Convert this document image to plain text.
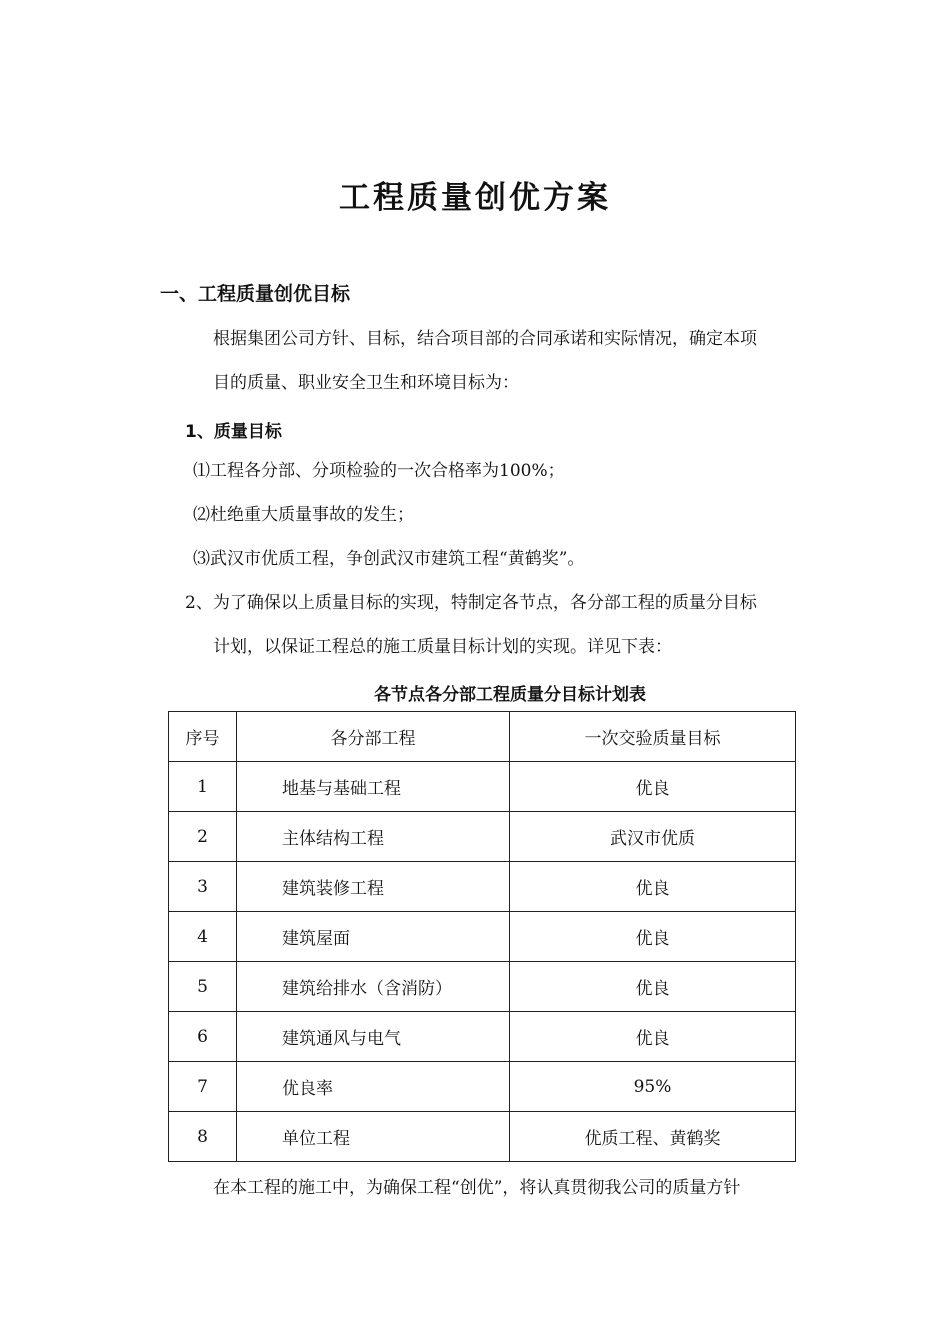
工程质量创优方案
一、工程质量创优目标
根据集团公司方针、目标，结合项目部的合同承诺和实际情况，确定本项
目的质量、职业安全卫生和环境目标为：
1、质量目标
⑴工程各分部、分项检验的一次合格率为100%；
⑵杜绝重大质量事故的发生；
⑶武汉市优质工程，争创武汉市建筑工程“黄鹤奖”。
2、为了确保以上质量目标的实现，特制定各节点，各分部工程的质量分目标
计划，以保证工程总的施工质量目标计划的实现。详见下表：
各节点各分部工程质量分目标计划表
序号	各分部工程	一次交验质量目标
1	地基与基础工程	优良
2	主体结构工程	武汉市优质
3	建筑装修工程	优良
4	建筑屋面	优良
5	建筑给排水（含消防）	优良
6	建筑通风与电气	优良
7	优良率	95%
8	单位工程	优质工程、黄鹤奖
在本工程的施工中，为确保工程“创优”，将认真贯彻我公司的质量方针
